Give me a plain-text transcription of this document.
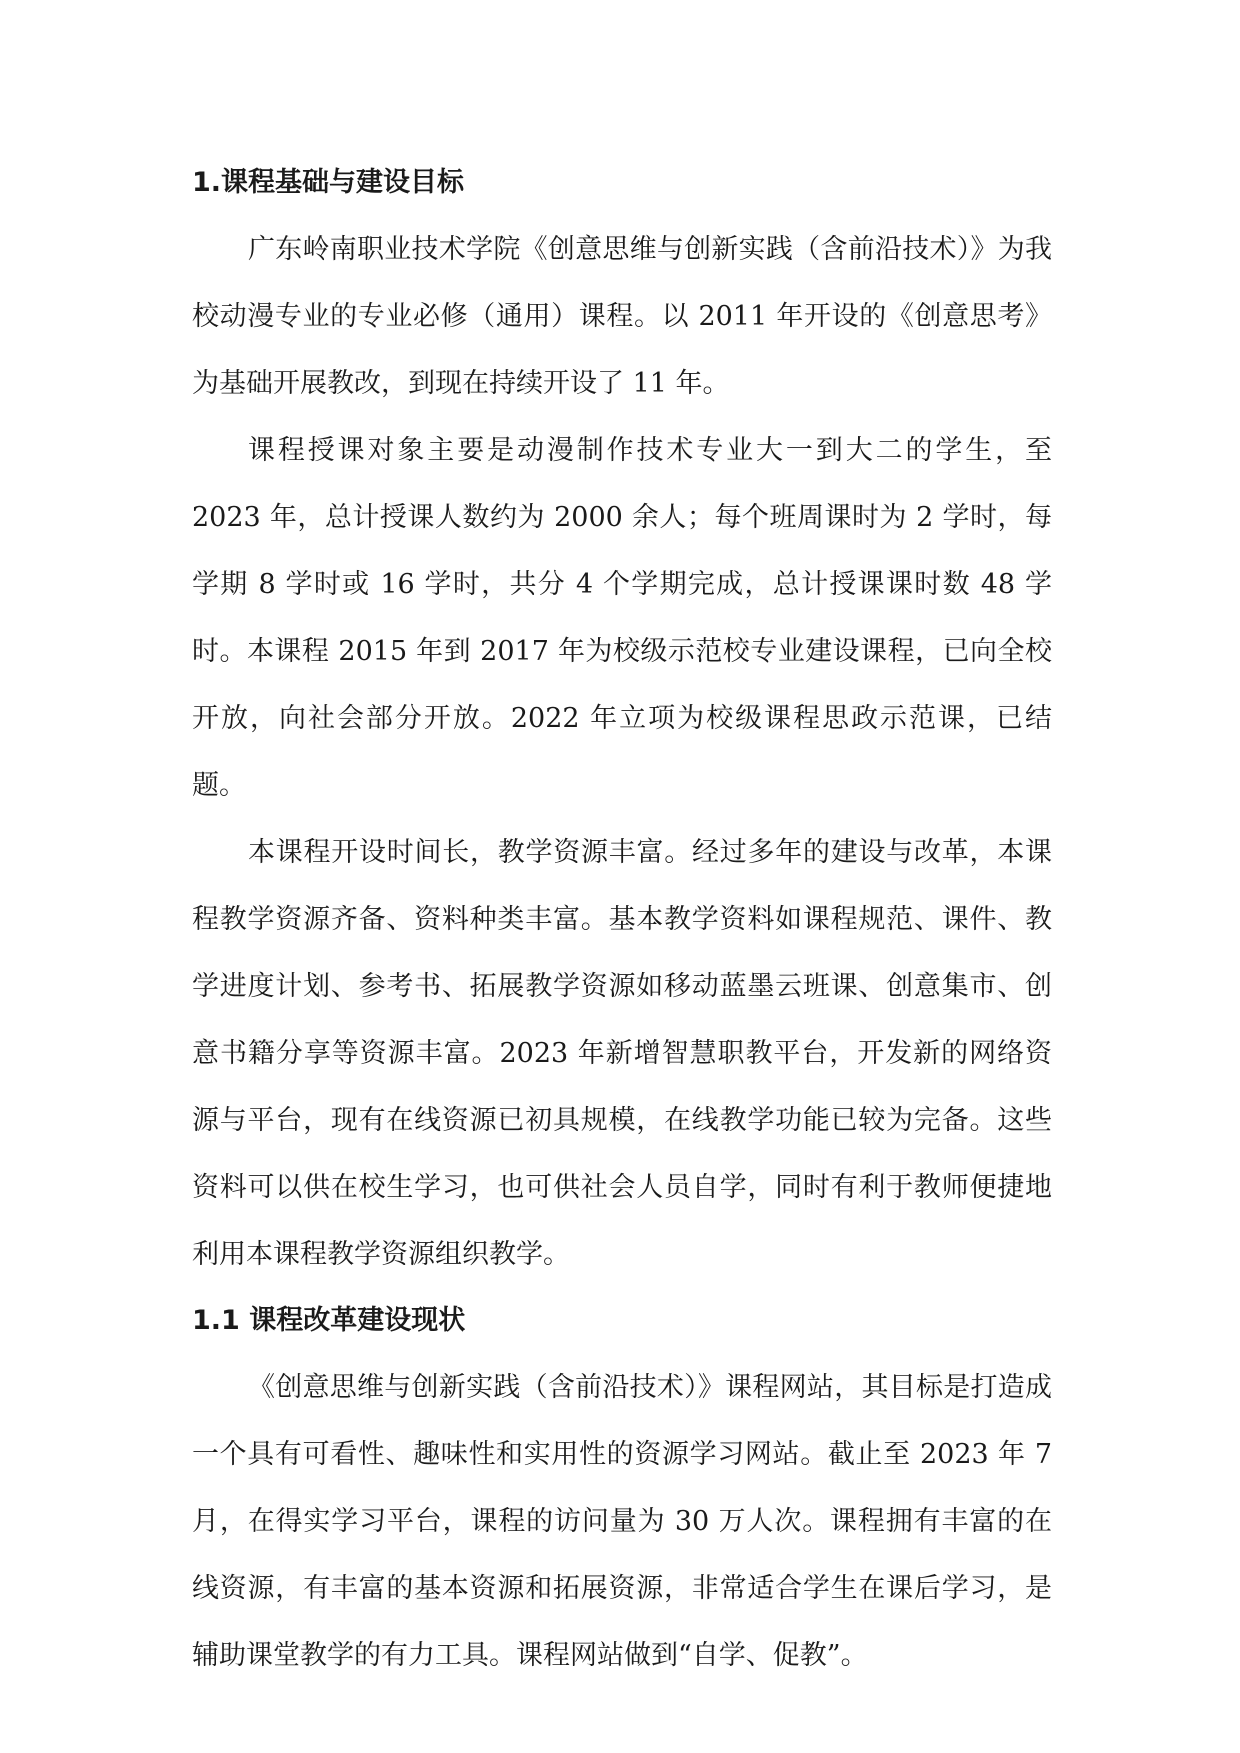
1.课程基础与建设目标

广东岭南职业技术学院《创意思维与创新实践（含前沿技术）》为我校动漫专业的专业必修（通用）课程。以 2011 年开设的《创意思考》为基础开展教改，到现在持续开设了 11 年。

课程授课对象主要是动漫制作技术专业大一到大二的学生，至 2023 年，总计授课人数约为 2000 余人；每个班周课时为 2 学时，每学期 8 学时或 16 学时，共分 4 个学期完成，总计授课课时数 48 学时。本课程 2015 年到 2017 年为校级示范校专业建设课程，已向全校开放，向社会部分开放。2022 年立项为校级课程思政示范课，已结题。

本课程开设时间长，教学资源丰富。经过多年的建设与改革，本课程教学资源齐备、资料种类丰富。基本教学资料如课程规范、课件、教学进度计划、参考书、拓展教学资源如移动蓝墨云班课、创意集市、创意书籍分享等资源丰富。2023 年新增智慧职教平台，开发新的网络资源与平台，现有在线资源已初具规模，在线教学功能已较为完备。这些资料可以供在校生学习，也可供社会人员自学，同时有利于教师便捷地利用本课程教学资源组织教学。

1.1 课程改革建设现状

《创意思维与创新实践（含前沿技术）》课程网站，其目标是打造成一个具有可看性、趣味性和实用性的资源学习网站。截止至 2023 年 7 月，在得实学习平台，课程的访问量为 30 万人次。课程拥有丰富的在线资源，有丰富的基本资源和拓展资源，非常适合学生在课后学习，是辅助课堂教学的有力工具。课程网站做到“自学、促教”。
